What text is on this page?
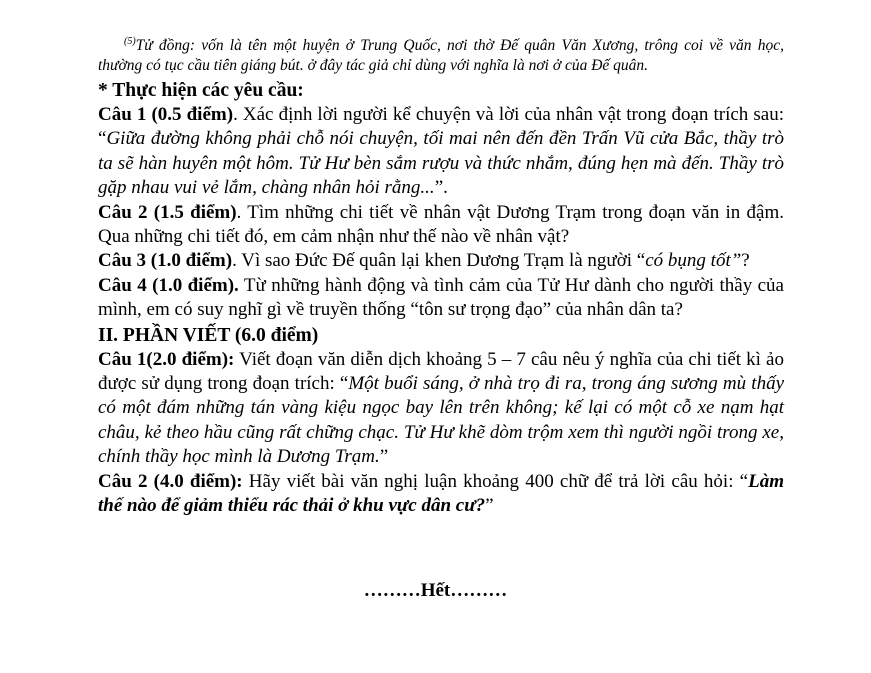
$^{(5)}$Tử đồng: vốn là tên một huyện ở Trung Quốc, nơi thờ Đế quân Văn Xương, trông coi về văn học, thường có tục cầu tiên giáng bút. ở đây tác giả chỉ dùng với nghĩa là nơi ở của Đế quân.

* Thực hiện các yêu cầu:

Câu 1 (0.5 điểm). Xác định lời người kể chuyện và lời của nhân vật trong đoạn trích sau: “Giữa đường không phải chỗ nói chuyện, tối mai nên đến đền Trấn Vũ cửa Bắc, thầy trò ta sẽ hàn huyên một hôm. Tử Hư bèn sắm rượu và thức nhắm, đúng hẹn mà đến. Thầy trò gặp nhau vui vẻ lắm, chàng nhân hỏi rằng...”.

Câu 2 (1.5 điểm). Tìm những chi tiết về nhân vật Dương Trạm trong đoạn văn in đậm. Qua những chi tiết đó, em cảm nhận như thế nào về nhân vật?

Câu 3 (1.0 điểm). Vì sao Đức Đế quân lại khen Dương Trạm là người “có bụng tốt”?

Câu 4 (1.0 điểm). Từ những hành động và tình cảm của Tử Hư dành cho người thầy của mình, em có suy nghĩ gì về truyền thống “tôn sư trọng đạo” của nhân dân ta?

II. PHẦN VIẾT (6.0 điểm)

Câu 1(2.0 điểm): Viết đoạn văn diễn dịch khoảng 5 – 7 câu nêu ý nghĩa của chi tiết kì ảo được sử dụng trong đoạn trích: “Một buổi sáng, ở nhà trọ đi ra, trong áng sương mù thấy có một đám những tán vàng kiệu ngọc bay lên trên không; kế lại có một cỗ xe nạm hạt châu, kẻ theo hầu cũng rất chững chạc. Tử Hư khẽ dòm trộm xem thì người ngồi trong xe, chính thầy học mình là Dương Trạm.”

Câu 2 (4.0 điểm): Hãy viết bài văn nghị luận khoảng 400 chữ để trả lời câu hỏi: “Làm thế nào để giảm thiểu rác thải ở khu vực dân cư?”

………Hết………
